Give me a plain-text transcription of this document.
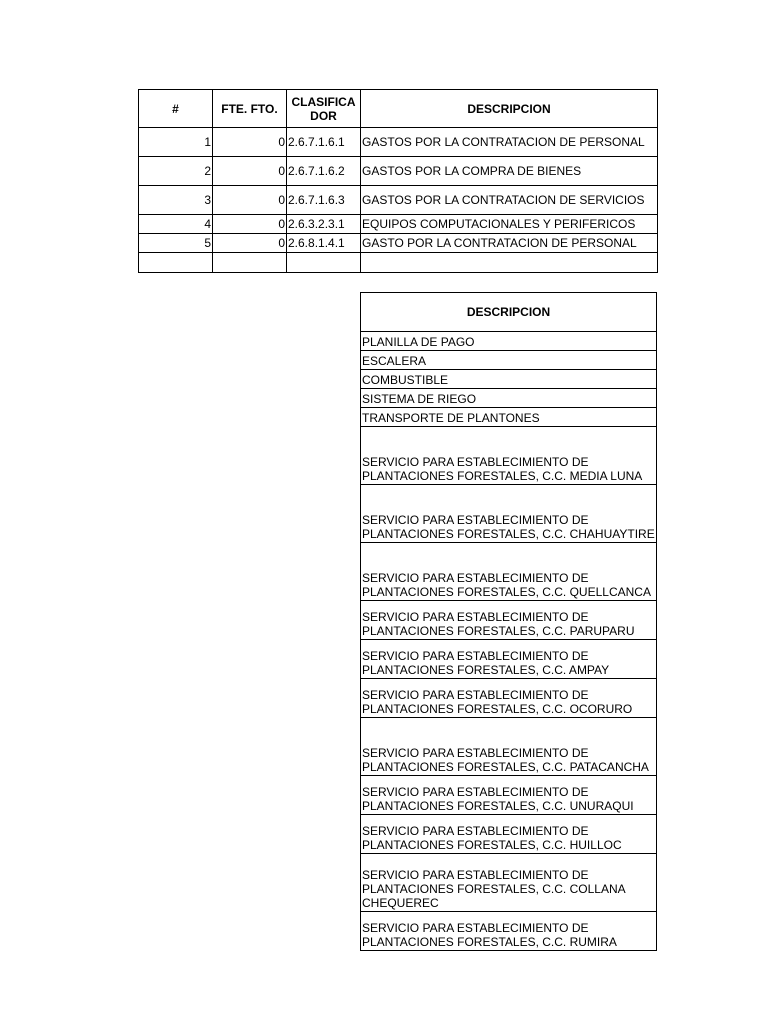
#	FTE. FTO.	CLASIFICADOR	DESCRIPCION
1	0	2.6.7.1.6.1	GASTOS POR LA CONTRATACION DE PERSONAL
2	0	2.6.7.1.6.2	GASTOS POR LA COMPRA DE BIENES
3	0	2.6.7.1.6.3	GASTOS POR LA CONTRATACION DE SERVICIOS
4	0	2.6.3.2.3.1	EQUIPOS COMPUTACIONALES Y PERIFERICOS
5	0	2.6.8.1.4.1	GASTO POR LA CONTRATACION DE PERSONAL

DESCRIPCION
PLANILLA DE PAGO
ESCALERA
COMBUSTIBLE
SISTEMA DE RIEGO
TRANSPORTE DE PLANTONES
SERVICIO PARA ESTABLECIMIENTO DE PLANTACIONES FORESTALES, C.C. MEDIA LUNA
SERVICIO PARA ESTABLECIMIENTO DE PLANTACIONES FORESTALES, C.C. CHAHUAYTIRE
SERVICIO PARA ESTABLECIMIENTO DE PLANTACIONES FORESTALES, C.C. QUELLCANCA
SERVICIO PARA ESTABLECIMIENTO DE PLANTACIONES FORESTALES, C.C. PARUPARU
SERVICIO PARA ESTABLECIMIENTO DE PLANTACIONES FORESTALES, C.C. AMPAY
SERVICIO PARA ESTABLECIMIENTO DE PLANTACIONES FORESTALES, C.C. OCORURO
SERVICIO PARA ESTABLECIMIENTO DE PLANTACIONES FORESTALES, C.C. PATACANCHA
SERVICIO PARA ESTABLECIMIENTO DE PLANTACIONES FORESTALES, C.C. UNURAQUI
SERVICIO PARA ESTABLECIMIENTO DE PLANTACIONES FORESTALES, C.C. HUILLOC
SERVICIO PARA ESTABLECIMIENTO DE PLANTACIONES FORESTALES, C.C. COLLANA CHEQUEREC
SERVICIO PARA ESTABLECIMIENTO DE PLANTACIONES FORESTALES, C.C. RUMIRA
